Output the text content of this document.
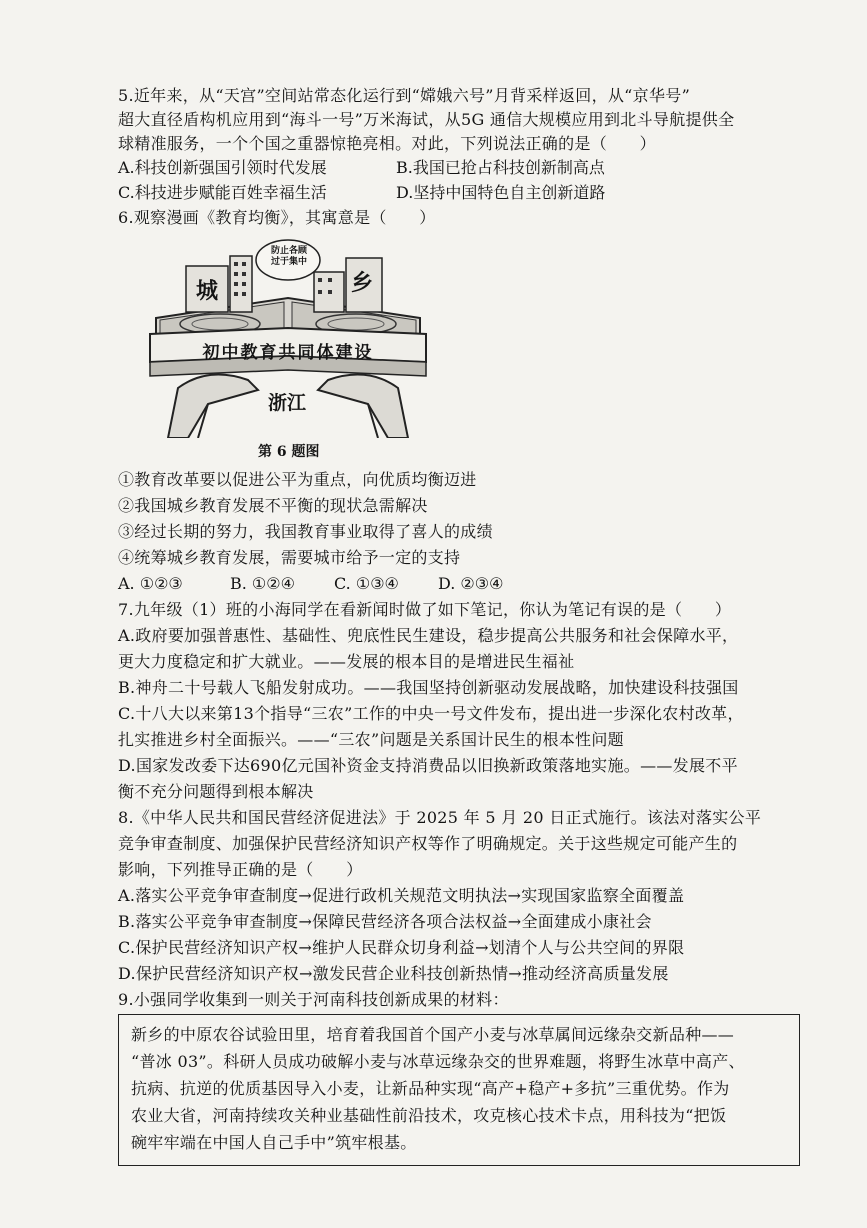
5.近年来，从“天宫”空间站常态化运行到“嫦娥六号”月背采样返回，从“京华号”
超大直径盾构机应用到“海斗一号”万米海试，从5G 通信大规模应用到北斗导航提供全
球精准服务，一个个国之重器惊艳亮相。对此，下列说法正确的是（　　）
A.科技创新强国引领时代发展	B.我国已抢占科技创新制高点
C.科技进步赋能百姓幸福生活	D.坚持中国特色自主创新道路
6.观察漫画《教育均衡》，其寓意是（　　）
城	乡
防止各顾
过于集中
初中教育共同体建设
浙江
第 6 题图
①教育改革要以促进公平为重点，向优质均衡迈进
②我国城乡教育发展不平衡的现状急需解决
③经过长期的努力，我国教育事业取得了喜人的成绩
④统筹城乡教育发展，需要城市给予一定的支持
A. ①②③	B. ①②④ C. ①③④ D. ②③④
7.九年级（1）班的小海同学在看新闻时做了如下笔记，你认为笔记有误的是（　　）
A.政府要加强普惠性、基础性、兜底性民生建设，稳步提高公共服务和社会保障水平，
更大力度稳定和扩大就业。——发展的根本目的是增进民生福祉
B.神舟二十号载人飞船发射成功。——我国坚持创新驱动发展战略，加快建设科技强国
C.十八大以来第13个指导“三农”工作的中央一号文件发布，提出进一步深化农村改革，
扎实推进乡村全面振兴。——“三农”问题是关系国计民生的根本性问题
D.国家发改委下达690亿元国补资金支持消费品以旧换新政策落地实施。——发展不平
衡不充分问题得到根本解决
8.《中华人民共和国民营经济促进法》于 2025 年 5 月 20 日正式施行。该法对落实公平
竞争审查制度、加强保护民营经济知识产权等作了明确规定。关于这些规定可能产生的
影响，下列推导正确的是（　　）
A.落实公平竞争审查制度→促进行政机关规范文明执法→实现国家监察全面覆盖
B.落实公平竞争审查制度→保障民营经济各项合法权益→全面建成小康社会
C.保护民营经济知识产权→维护人民群众切身利益→划清个人与公共空间的界限
D.保护民营经济知识产权→激发民营企业科技创新热情→推动经济高质量发展
9.小强同学收集到一则关于河南科技创新成果的材料：
新乡的中原农谷试验田里，培育着我国首个国产小麦与冰草属间远缘杂交新品种——
“普冰 03”。科研人员成功破解小麦与冰草远缘杂交的世界难题，将野生冰草中高产、
抗病、抗逆的优质基因导入小麦，让新品种实现“高产+稳产+多抗”三重优势。作为
农业大省，河南持续攻关种业基础性前沿技术，攻克核心技术卡点，用科技为“把饭
碗牢牢端在中国人自己手中”筑牢根基。
